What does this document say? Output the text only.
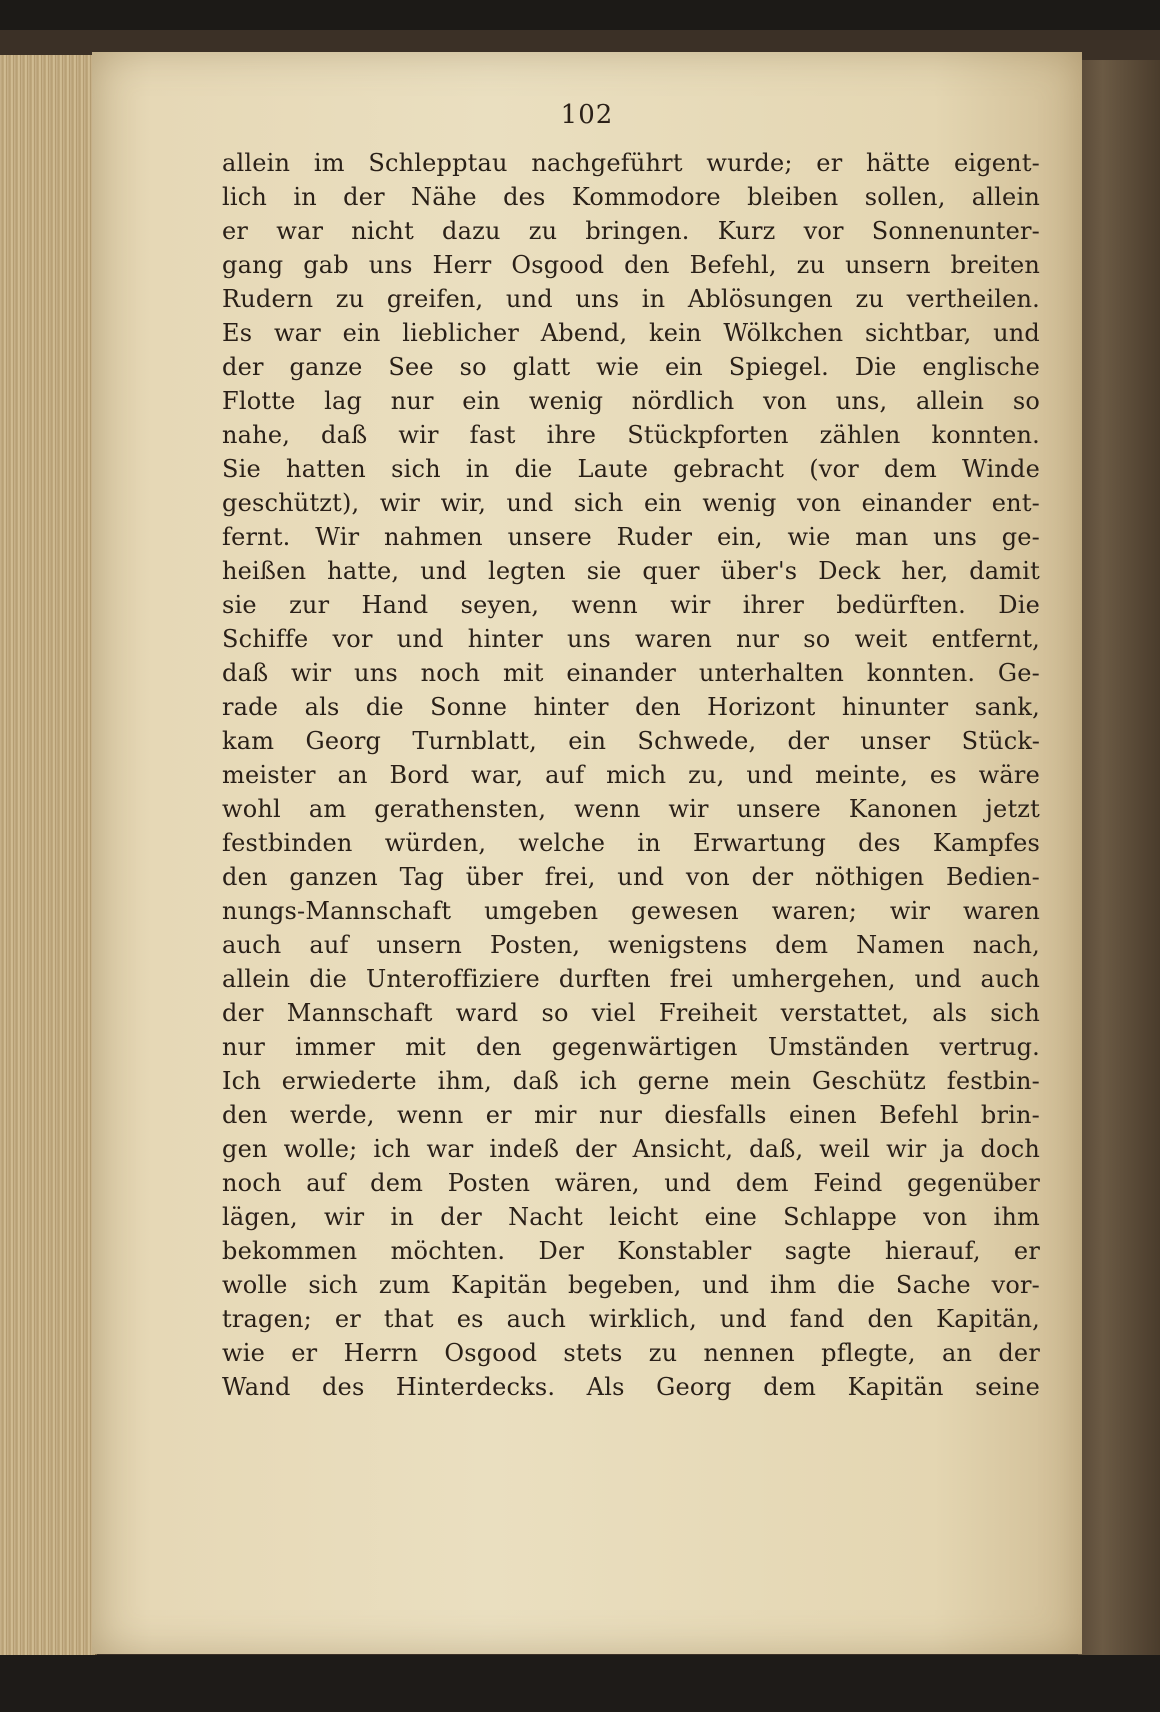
102
allein im Schlepptau nachgeführt wurde; er hätte eigent-
lich in der Nähe des Kommodore bleiben sollen, allein
er war nicht dazu zu bringen. Kurz vor Sonnenunter-
gang gab uns Herr Osgood den Befehl, zu unsern breiten
Rudern zu greifen, und uns in Ablösungen zu vertheilen.
Es war ein lieblicher Abend, kein Wölkchen sichtbar, und
der ganze See so glatt wie ein Spiegel. Die englische
Flotte lag nur ein wenig nördlich von uns, allein so
nahe, daß wir fast ihre Stückpforten zählen konnten.
Sie hatten sich in die Laute gebracht (vor dem Winde
geschützt), wir wir, und sich ein wenig von einander ent-
fernt. Wir nahmen unsere Ruder ein, wie man uns ge-
heißen hatte, und legten sie quer über's Deck her, damit
sie zur Hand seyen, wenn wir ihrer bedürften. Die
Schiffe vor und hinter uns waren nur so weit entfernt,
daß wir uns noch mit einander unterhalten konnten. Ge-
rade als die Sonne hinter den Horizont hinunter sank,
kam Georg Turnblatt, ein Schwede, der unser Stück-
meister an Bord war, auf mich zu, und meinte, es wäre
wohl am gerathensten, wenn wir unsere Kanonen jetzt
festbinden würden, welche in Erwartung des Kampfes
den ganzen Tag über frei, und von der nöthigen Bedien-
nungs-Mannschaft umgeben gewesen waren; wir waren
auch auf unsern Posten, wenigstens dem Namen nach,
allein die Unteroffiziere durften frei umhergehen, und auch
der Mannschaft ward so viel Freiheit verstattet, als sich
nur immer mit den gegenwärtigen Umständen vertrug.
Ich erwiederte ihm, daß ich gerne mein Geschütz festbin-
den werde, wenn er mir nur diesfalls einen Befehl brin-
gen wolle; ich war indeß der Ansicht, daß, weil wir ja doch
noch auf dem Posten wären, und dem Feind gegenüber
lägen, wir in der Nacht leicht eine Schlappe von ihm
bekommen möchten. Der Konstabler sagte hierauf, er
wolle sich zum Kapitän begeben, und ihm die Sache vor-
tragen; er that es auch wirklich, und fand den Kapitän,
wie er Herrn Osgood stets zu nennen pflegte, an der
Wand des Hinterdecks. Als Georg dem Kapitän seine
